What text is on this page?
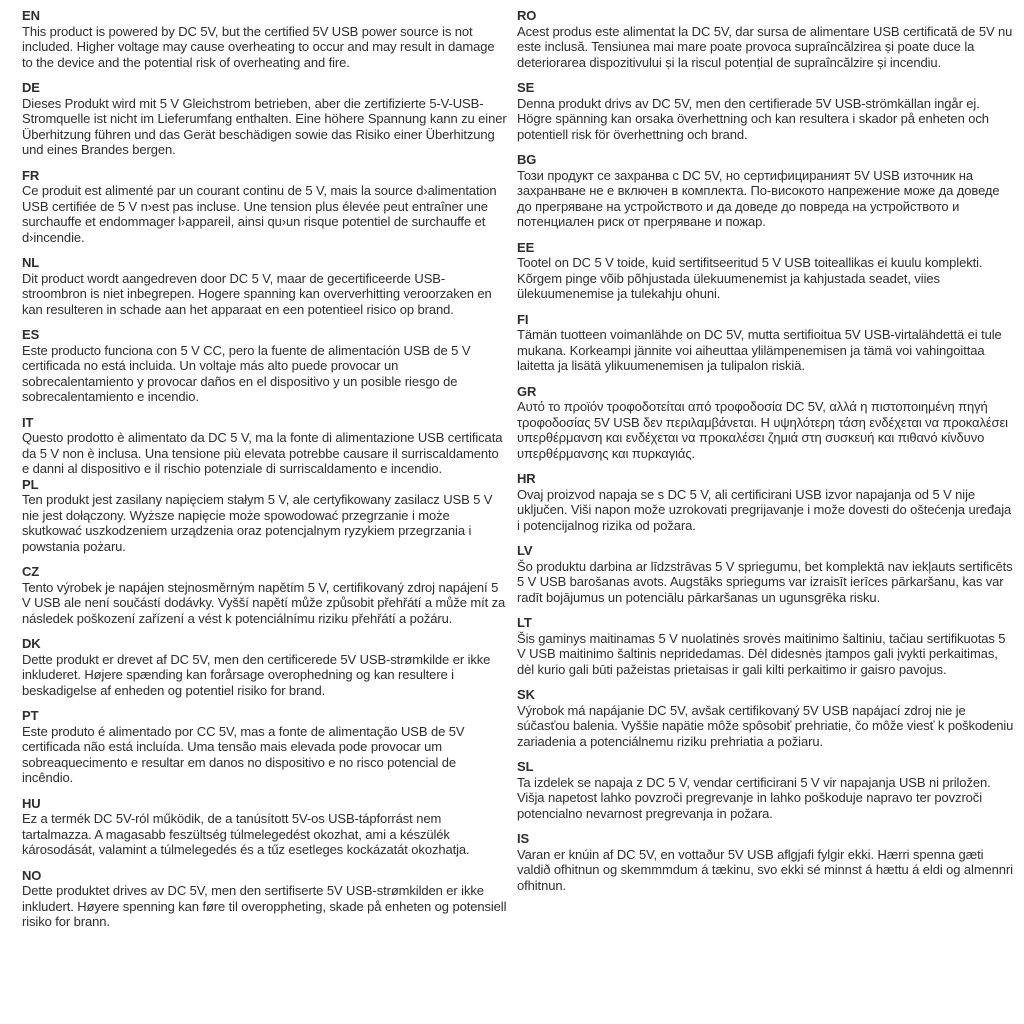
EN

This product is powered by DC 5V, but the certified 5V USB power source is not included. Higher voltage may cause overheating to occur and may result in damage to the device and the potential risk of overheating and fire.

DE

Dieses Produkt wird mit 5 V Gleichstrom betrieben, aber die zertifizierte 5-V-USB-Stromquelle ist nicht im Lieferumfang enthalten. Eine höhere Spannung kann zu einer Überhitzung führen und das Gerät beschädigen sowie das Risiko einer Überhitzung und eines Brandes bergen.

FR

Ce produit est alimenté par un courant continu de 5 V, mais la source d›alimentation USB certifiée de 5 V n›est pas incluse. Une tension plus élevée peut entraîner une surchauffe et endommager l›appareil, ainsi qu›un risque potentiel de surchauffe et d›incendie.

NL

Dit product wordt aangedreven door DC 5 V, maar de gecertificeerde USB-stroombron is niet inbegrepen. Hogere spanning kan oververhitting veroorzaken en kan resulteren in schade aan het apparaat en een potentieel risico op brand.

ES

Este producto funciona con 5 V CC, pero la fuente de alimentación USB de 5 V certificada no está incluida. Un voltaje más alto puede provocar un sobrecalentamiento y provocar daños en el dispositivo y un posible riesgo de sobrecalentamiento e incendio.

IT

Questo prodotto è alimentato da DC 5 V, ma la fonte di alimentazione USB certificata da 5 V non è inclusa. Una tensione più elevata potrebbe causare il surriscaldamento e danni al dispositivo e il rischio potenziale di surriscaldamento e incendio.

PL

Ten produkt jest zasilany napięciem stałym 5 V, ale certyfikowany zasilacz USB 5 V nie jest dołączony. Wyższe napięcie może spowodować przegrzanie i może skutkować uszkodzeniem urządzenia oraz potencjalnym ryzykiem przegrzania i powstania pożaru.

CZ

Tento výrobek je napájen stejnosměrným napětím 5 V, certifikovaný zdroj napájení 5 V USB ale není součástí dodávky. Vyšší napětí může způsobit přehřátí a může mít za následek poškození zařízení a vést k potenciálnímu riziku přehřátí a požáru.

DK

Dette produkt er drevet af DC 5V, men den certificerede 5V USB-strømkilde er ikke inkluderet. Højere spænding kan forårsage overophedning og kan resultere i beskadigelse af enheden og potentiel risiko for brand.

PT

Este produto é alimentado por CC 5V, mas a fonte de alimentação USB de 5V certificada não está incluída. Uma tensão mais elevada pode provocar um sobreaquecimento e resultar em danos no dispositivo e no risco potencial de incêndio.

HU

Ez a termék DC 5V-ról működik, de a tanúsított 5V-os USB-tápforrást nem tartalmazza. A magasabb feszültség túlmelegedést okozhat, ami a készülék károsodását, valamint a túlmelegedés és a tűz esetleges kockázatát okozhatja.

NO

Dette produktet drives av DC 5V, men den sertifiserte 5V USB-strømkilden er ikke inkludert. Høyere spenning kan føre til overoppheting, skade på enheten og potensiell risiko for brann.

RO

Acest produs este alimentat la DC 5V, dar sursa de alimentare USB certificată de 5V nu este inclusă. Tensiunea mai mare poate provoca supraîncălzirea și poate duce la deteriorarea dispozitivului și la riscul potențial de supraîncălzire și incendiu.

SE

Denna produkt drivs av DC 5V, men den certifierade 5V USB-strömkällan ingår ej. Högre spänning kan orsaka överhettning och kan resultera i skador på enheten och potentiell risk för överhettning och brand.

BG

Този продукт се захранва с DC 5V, но сертифицираният 5V USB източник на захранване не е включен в комплекта. По-високото напрежение може да доведе до прегряване на устройството и да доведе до повреда на устройството и потенциален риск от прегряване и пожар.

EE

Tootel on DC 5 V toide, kuid sertifitseeritud 5 V USB toiteallikas ei kuulu komplekti. Kõrgem pinge võib põhjustada ülekuumenemist ja kahjustada seadet, viies ülekuumenemise ja tulekahju ohuni.

FI

Tämän tuotteen voimanlähde on DC 5V, mutta sertifioitua 5V USB-virtalähdettä ei tule mukana. Korkeampi jännite voi aiheuttaa ylilämpenemisen ja tämä voi vahingoittaa laitetta ja lisätä ylikuumenemisen ja tulipalon riskiä.

GR

Αυτό το προϊόν τροφοδοτείται από τροφοδοσία DC 5V, αλλά η πιστοποιημένη πηγή τροφοδοσίας 5V USB δεν περιλαμβάνεται. Η υψηλότερη τάση ενδέχεται να προκαλέσει υπερθέρμανση και ενδέχεται να προκαλέσει ζημιά στη συσκευή και πιθανό κίνδυνο υπερθέρμανσης και πυρκαγιάς.

HR

Ovaj proizvod napaja se s DC 5 V, ali certificirani USB izvor napajanja od 5 V nije uključen. Viši napon može uzrokovati pregrijavanje i može dovesti do oštećenja uređaja i potencijalnog rizika od požara.

LV

Šo produktu darbina ar līdzstrāvas 5 V spriegumu, bet komplektā nav iekļauts sertificēts 5 V USB barošanas avots. Augstāks spriegums var izraisīt ierīces pārkaršanu, kas var radīt bojājumus un potenciālu pārkaršanas un ugunsgrēka risku.

LT

Šis gaminys maitinamas 5 V nuolatinės srovės maitinimo šaltiniu, tačiau sertifikuotas 5 V USB maitinimo šaltinis nepridedamas. Dėl didesnės įtampos gali įvykti perkaitimas, dėl kurio gali būti pažeistas prietaisas ir gali kilti perkaitimo ir gaisro pavojus.

SK

Výrobok má napájanie DC 5V, avšak certifikovaný 5V USB napájací zdroj nie je súčasťou balenia. Vyššie napätie môže spôsobiť prehriatie, čo môže viesť k poškodeniu zariadenia a potenciálnemu riziku prehriatia a požiaru.

SL

Ta izdelek se napaja z DC 5 V, vendar certificirani 5 V vir napajanja USB ni priložen. Višja napetost lahko povzroči pregrevanje in lahko poškoduje napravo ter povzroči potencialno nevarnost pregrevanja in požara.

IS

Varan er knúin af DC 5V, en vottaður 5V USB aflgjafi fylgir ekki. Hærri spenna gæti valdið ofhitnun og skemmmdum á tækinu, svo ekki sé minnst á hættu á eldi og almennri ofhitnun.
